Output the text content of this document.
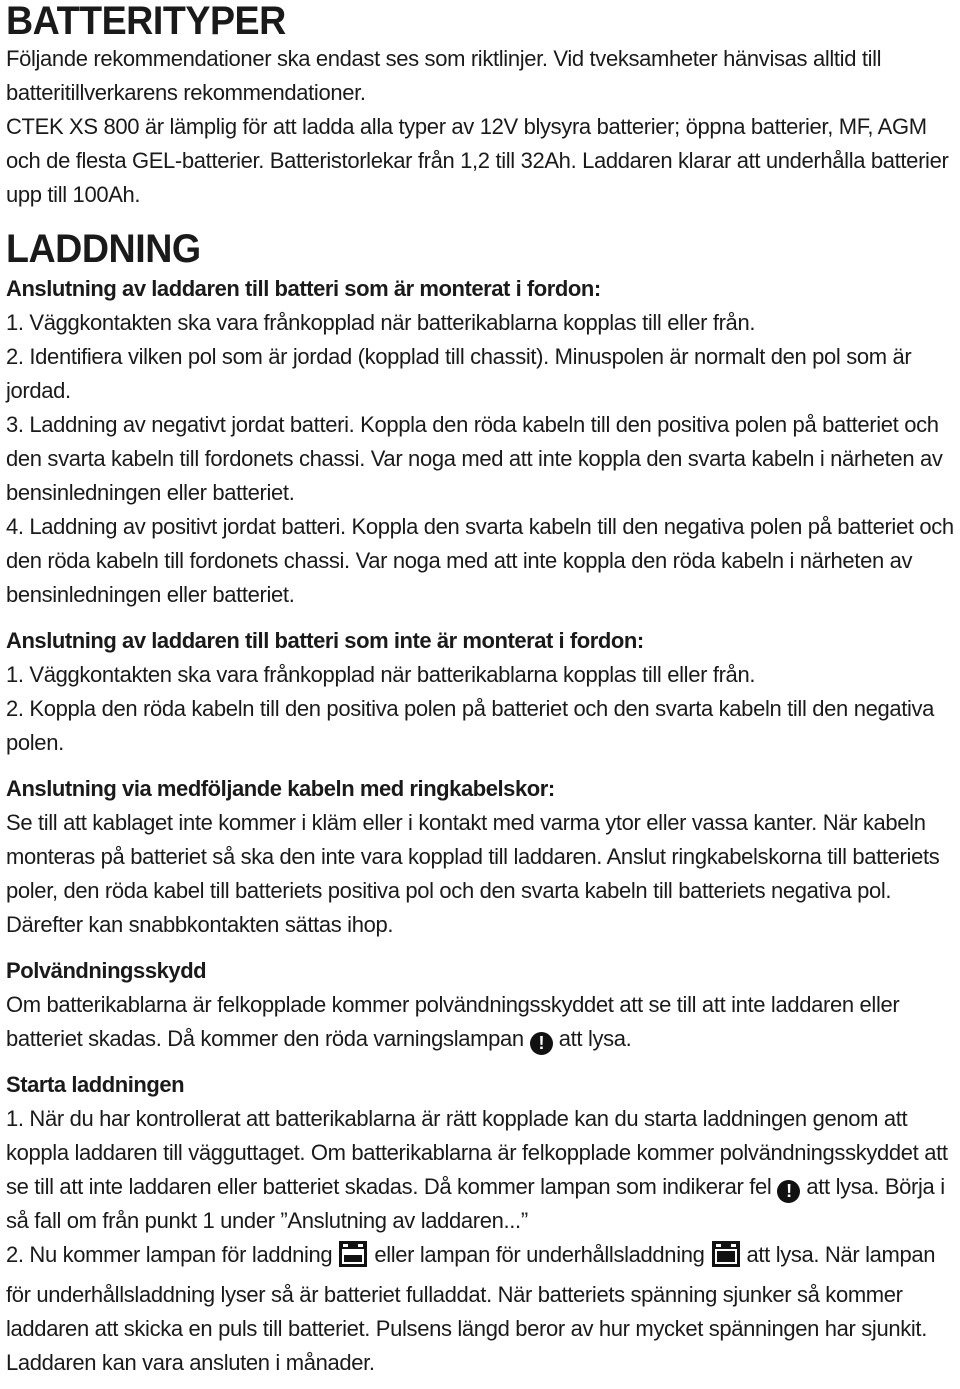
BATTERITYPER

Följande rekommendationer ska endast ses som riktlinjer. Vid tveksamheter hänvisas alltid till batteritillverkarens rekommendationer.

CTEK XS 800 är lämplig för att ladda alla typer av 12V blysyra batterier; öppna batterier, MF, AGM och de flesta GEL-batterier. Batteristorlekar från 1,2 till 32Ah. Laddaren klarar att underhålla batterier upp till 100Ah.

LADDNING

Anslutning av laddaren till batteri som är monterat i fordon:

1. Väggkontakten ska vara frånkopplad när batterikablarna kopplas till eller från.

2. Identifiera vilken pol som är jordad (kopplad till chassit). Minuspolen är normalt den pol som är jordad.

3. Laddning av negativt jordat batteri. Koppla den röda kabeln till den positiva polen på batteriet och den svarta kabeln till fordonets chassi. Var noga med att inte koppla den svarta kabeln i närheten av bensinledningen eller batteriet.

4. Laddning av positivt jordat batteri. Koppla den svarta kabeln till den negativa polen på batteriet och den röda kabeln till fordonets chassi. Var noga med att inte koppla den röda kabeln i närheten av bensinledningen eller batteriet.

Anslutning av laddaren till batteri som inte är monterat i fordon:

1. Väggkontakten ska vara frånkopplad när batterikablarna kopplas till eller från.

2. Koppla den röda kabeln till den positiva polen på batteriet och den svarta kabeln till den negativa polen.

Anslutning via medföljande kabeln med ringkabelskor:

Se till att kablaget inte kommer i kläm eller i kontakt med varma ytor eller vassa kanter. När kabeln monteras på batteriet så ska den inte vara kopplad till laddaren. Anslut ringkabelskorna till batteriets poler, den röda kabel till batteriets positiva pol och den svarta kabeln till batteriets negativa pol. Därefter kan snabbkontakten sättas ihop.

Polvändningsskydd

Om batterikablarna är felkopplade kommer polvändningsskyddet att se till att inte laddaren eller batteriet skadas. Då kommer den röda varningslampan ! att lysa.

Starta laddningen

1. När du har kontrollerat att batterikablarna är rätt kopplade kan du starta laddningen genom att koppla laddaren till vägguttaget. Om batterikablarna är felkopplade kommer polvändningsskyddet att se till att inte laddaren eller batteriet skadas. Då kommer lampan som indikerar fel ! att lysa. Börja i så fall om från punkt 1 under ”Anslutning av laddaren...”

2. Nu kommer lampan för laddning eller lampan för underhållsladdning att lysa. När lampan för underhållsladdning lyser så är batteriet fulladdat. När batteriets spänning sjunker så kommer laddaren att skicka en puls till batteriet. Pulsens längd beror av hur mycket spänningen har sjunkit. Laddaren kan vara ansluten i månader.
